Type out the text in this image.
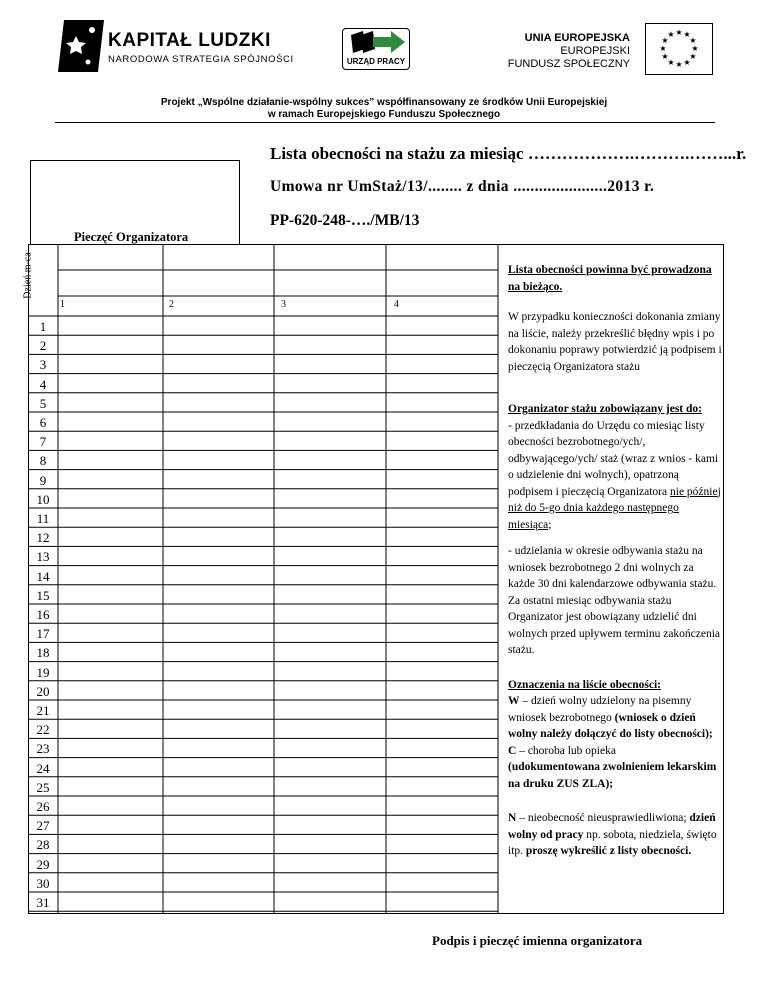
KAPITAŁ LUDZKI
NARODOWA STRATEGIA SPÓJNOŚCI	URZĄD PRACY
UNIA EUROPEJSKA
EUROPEJSKI
FUNDUSZ SPOŁECZNY
★ ★
★
★
★
★
★
★
★
★
★
★
Projekt „Wspólne działanie-wspólny sukces” współfinansowany ze środków Unii Europejskiej
w ramach Europejskiego Funduszu Społecznego
Lista obecności na stażu za miesiąc ……………….……….……...r.
Umowa nr UmStaż/13/........ z dnia ......................2013 r.
PP-620-248-…./MB/13
Pieczęć Organizatora
1	2	3	4
1
2
3
4
5
6
7
8
9
10
11
12
13
14
15
16
17
18
19
20
21
22
23
24
25
26
27
28
29
30
31
Dzień m-ca	Lista obecności powinna być prowadzona na bieżąco.

W przypadku konieczności dokonania zmiany na liście, należy przekreślić błędny wpis i po dokonaniu poprawy potwierdzić ją podpisem i pieczęcią Organizatora stażu

Organizator stażu zobowiązany jest do:

- przedkładania do Urzędu co miesiąc listy obecności bezrobotnego/ych/, odbywającego/ych/ staż (wraz z wnios - kami o udzielenie dni wolnych), opatrzoną podpisem i pieczęcią Organizatora nie później niż do 5-go dnia każdego następnego miesiąca;

- udzielania w okresie odbywania stażu na wniosek bezrobotnego 2 dni wolnych za każde 30 dni kalendarzowe odbywania stażu.

Za ostatni miesiąc odbywania stażu Organizator jest obowiązany udzielić dni wolnych przed upływem terminu zakończenia stażu.

Oznaczenia na liście obecności:

W – dzień wolny udzielony na pisemny wniosek bezrobotnego (wniosek o dzień wolny należy dołączyć do listy obecności);

C – choroba lub opieka
(udokumentowana zwolnieniem lekarskim na druku ZUS ZLA);

N – nieobecność nieusprawiedliwiona; dzień wolny od pracy np. sobota, niedziela, święto itp. proszę wykreślić z listy obecności.

Podpis i pieczęć imienna organizatora
